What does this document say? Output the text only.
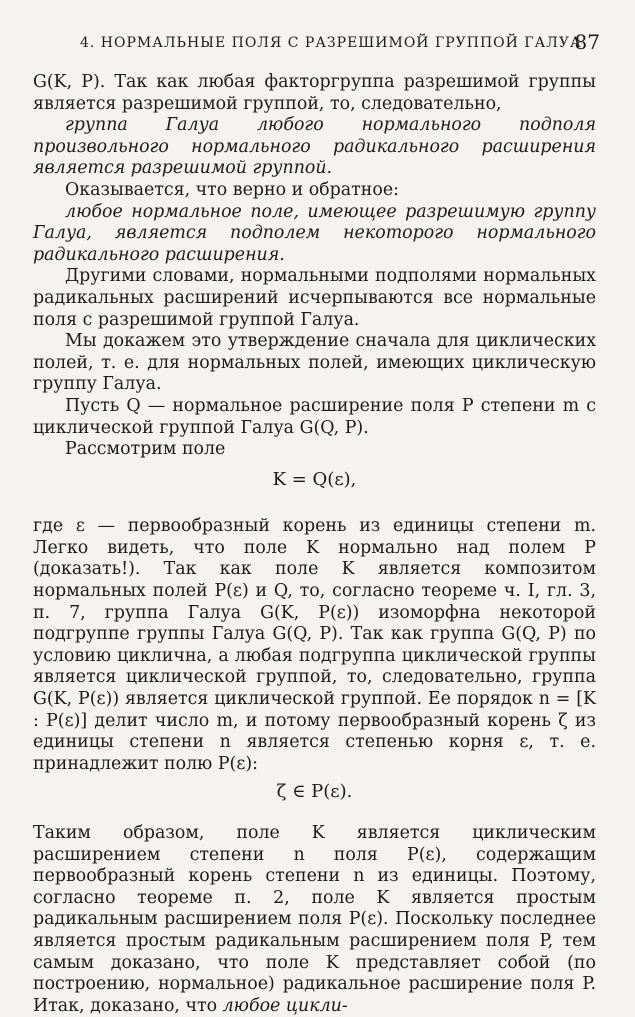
4. НОРМАЛЬНЫЕ ПОЛЯ С РАЗРЕШИМОЙ ГРУППОЙ ГАЛУА
87

G(K, P). Так как любая факторгруппа разрешимой группы является разрешимой группой, то, следовательно,

группа Галуа любого нормального подполя произвольного нормального радикального расширения является разрешимой группой.

Оказывается, что верно и обратное:

любое нормальное поле, имеющее разрешимую группу Галуа, является подполем некоторого нормального радикального расширения.

Другими словами, нормальными подполями нормальных радикальных расширений исчерпываются все нормальные поля с разрешимой группой Галуа.

Мы докажем это утверждение сначала для циклических полей, т. е. для нормальных полей, имеющих циклическую группу Галуа.

Пусть Q — нормальное расширение поля P степени m с циклической группой Галуа G(Q, P).

Рассмотрим поле

K = Q(ε),

где ε — первообразный корень из единицы степени m. Легко видеть, что поле K нормально над полем P (доказать!). Так как поле K является композитом нормальных полей P(ε) и Q, то, согласно теореме ч. I, гл. 3, п. 7, группа Галуа G(K, P(ε)) изоморфна некоторой подгруппе группы Галуа G(Q, P). Так как группа G(Q, P) по условию циклична, а любая подгруппа циклической группы является циклической группой, то, следовательно, группа G(K, P(ε)) является циклической группой. Ее порядок n = [K : P(ε)] делит число m, и потому первообразный корень ζ из единицы степени n является степенью корня ε, т. е. принадлежит полю P(ε):

ζ ∈ P(ε).

Таким образом, поле K является циклическим расширением степени n поля P(ε), содержащим первообразный корень степени n из единицы. Поэтому, согласно теореме п. 2, поле K является простым радикальным расширением поля P(ε). Поскольку последнее является простым радикальным расширением поля P, тем самым доказано, что поле K представляет собой (по построению, нормальное) радикальное расширение поля P. Итак, доказано, что любое цикли-
